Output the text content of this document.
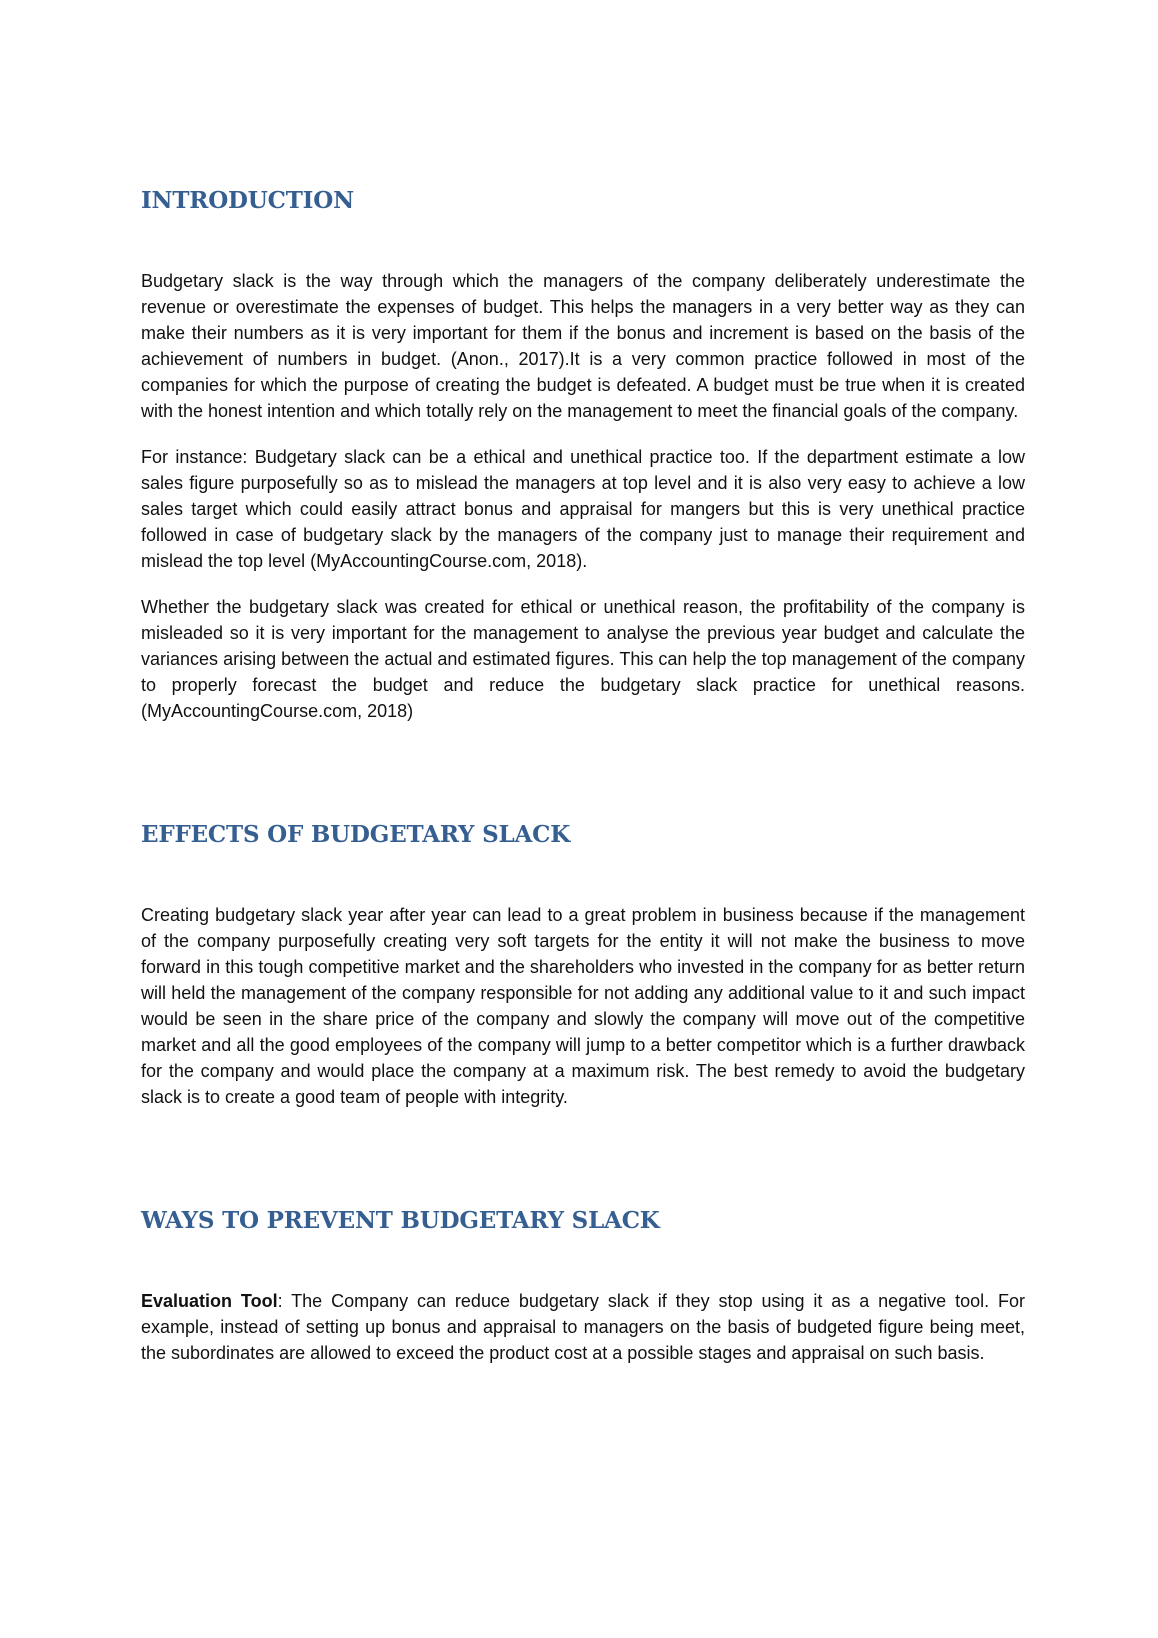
INTRODUCTION

Budgetary slack is the way through which the managers of the company deliberately underestimate the revenue or overestimate the expenses of budget. This helps the managers in a very better way as they can make their numbers as it is very important for them if the bonus and increment is based on the basis of the achievement of numbers in budget. (Anon., 2017).It is a very common practice followed in most of the companies for which the purpose of creating the budget is defeated. A budget must be true when it is created with the honest intention and which totally rely on the management to meet the financial goals of the company.

For instance: Budgetary slack can be a ethical and unethical practice too. If the department estimate a low sales figure purposefully so as to mislead the managers at top level and it is also very easy to achieve a low sales target which could easily attract bonus and appraisal for mangers but this is very unethical practice followed in case of budgetary slack by the managers of the company just to manage their requirement and mislead the top level (MyAccountingCourse.com, 2018).

Whether the budgetary slack was created for ethical or unethical reason, the profitability of the company is misleaded so it is very important for the management to analyse the previous year budget and calculate the variances arising between the actual and estimated figures. This can help the top management of the company to properly forecast the budget and reduce the budgetary slack practice for unethical reasons. (MyAccountingCourse.com, 2018)

EFFECTS OF BUDGETARY SLACK

Creating budgetary slack year after year can lead to a great problem in business because if the management of the company purposefully creating very soft targets for the entity it will not make the business to move forward in this tough competitive market and the shareholders who invested in the company for as better return will held the management of the company responsible for not adding any additional value to it and such impact would be seen in the share price of the company and slowly the company will move out of the competitive market and all the good employees of the company will jump to a better competitor which is a further drawback for the company and would place the company at a maximum risk. The best remedy to avoid the budgetary slack is to create a good team of people with integrity.

WAYS TO PREVENT BUDGETARY SLACK

Evaluation Tool: The Company can reduce budgetary slack if they stop using it as a negative tool. For example, instead of setting up bonus and appraisal to managers on the basis of budgeted figure being meet, the subordinates are allowed to exceed the product cost at a possible stages and appraisal on such basis.
